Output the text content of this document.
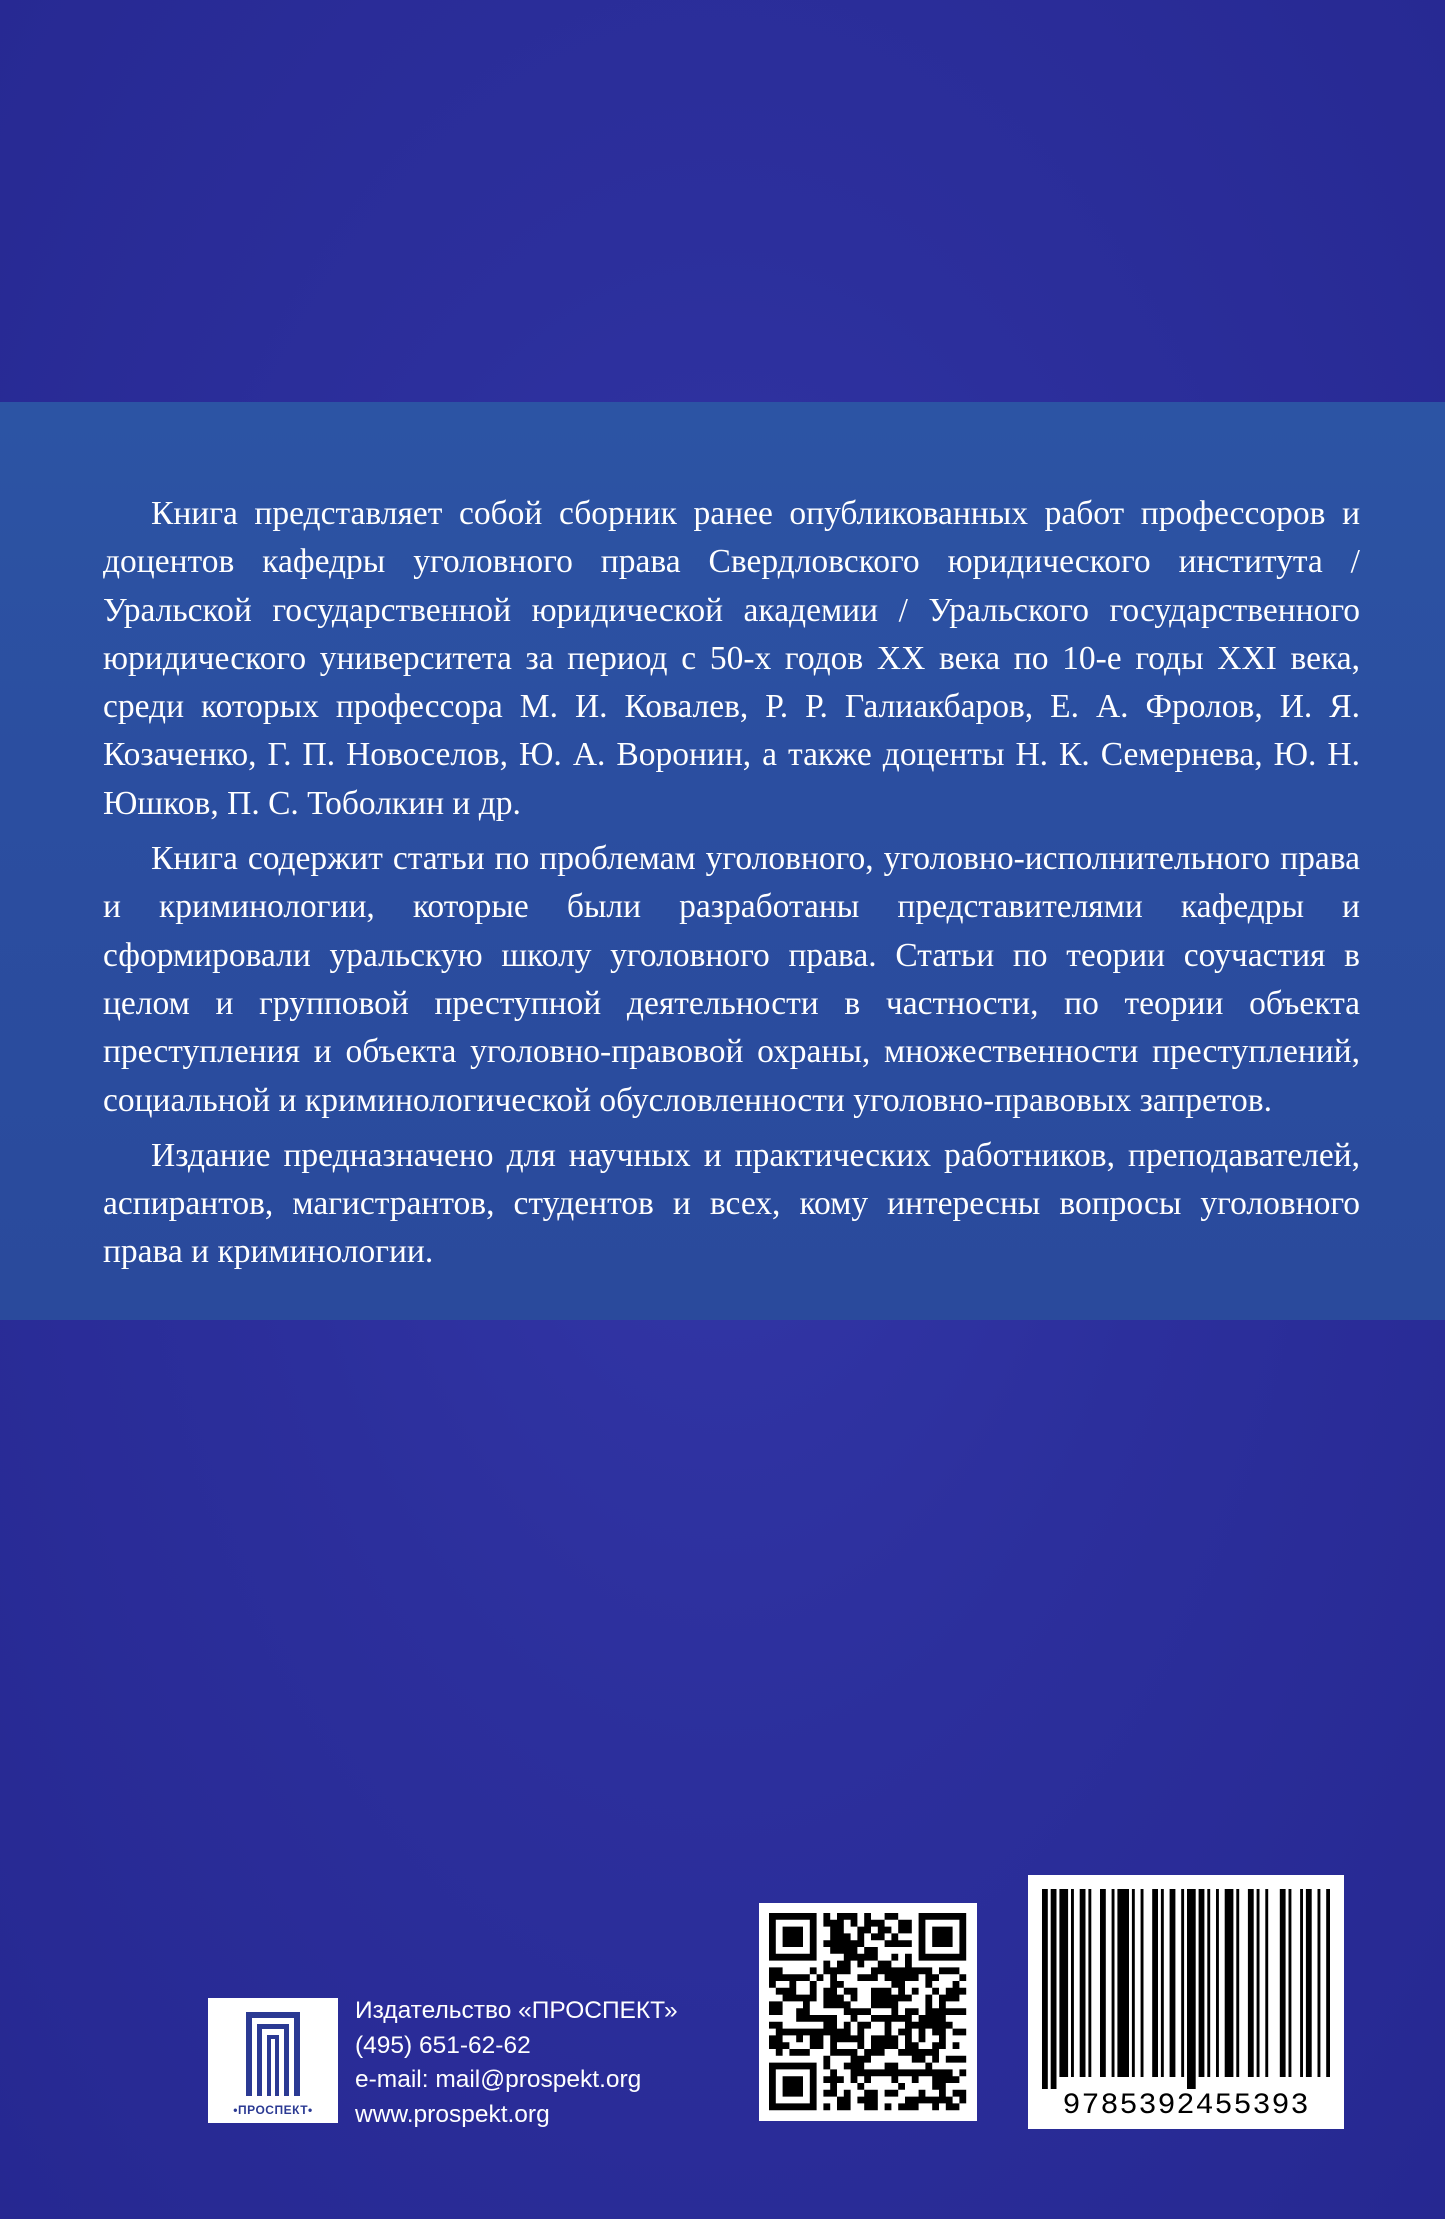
Книга представляет собой сборник ранее опубликованных работ профессоров и доцентов кафедры уголовного права Свердловского юридического института / Уральской государственной юридической академии / Уральского государственного юридического университета за период с 50-х годов XX века по 10-е годы XXI века, среди которых профессора М. И. Ковалев, Р. Р. Галиакбаров, Е. А. Фролов, И. Я. Козаченко, Г. П. Новоселов, Ю. А. Воронин, а также доценты Н. К. Семернева, Ю. Н. Юшков, П. С. Тоболкин и др.

Книга содержит статьи по проблемам уголовного, уголовно-исполнительного права и криминологии, которые были разработаны представителями кафедры и сформировали уральскую школу уголовного права. Статьи по теории соучастия в целом и групповой преступной деятельности в частности, по теории объекта преступления и объекта уголовно-правовой охраны, множественности преступлений, социальной и криминологической обусловленности уголовно-правовых запретов.

Издание предназначено для научных и практических работников, преподавателей, аспирантов, магистрантов, студентов и всех, кому интересны вопросы уголовного права и криминологии.

•ПРОСПЕКТ•
Издательство «ПРОСПЕКТ»
(495) 651-62-62
e-mail: mail@prospekt.org
www.prospekt.org	9785392455393
